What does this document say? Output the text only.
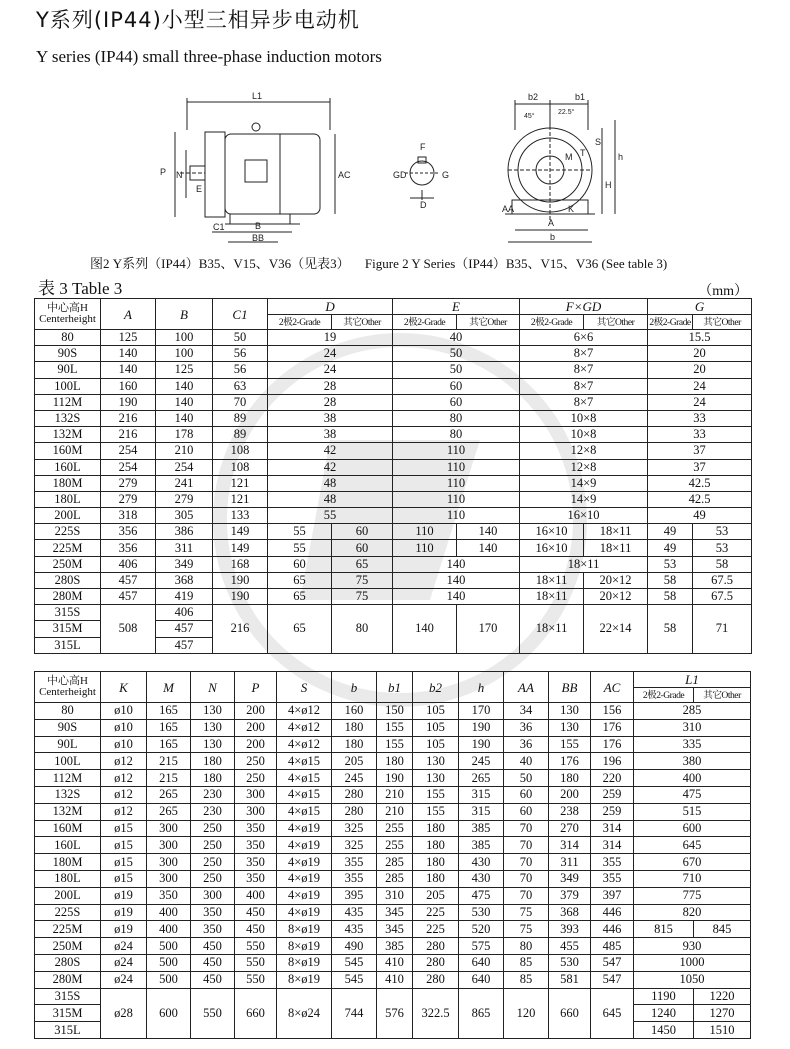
Y系列(IP44)小型三相异步电动机
Y series (IP44) small three-phase induction motors
L1
P N
E
C1	B
BB
AC
F
GD	G
D
b2	b1
45°
22.5°
S
M T	h
H
AA	K
A
b
图2 Y系列（IP44）B35、V15、V36（见表3） Figure 2 Y Series（IP44）B35、V15、V36 (See table 3)
表 3 Table 3	（mm）
中心高H
Centerheight	A	B	C1	D		E		F×GD		G	
				2极2-Grade	其它Other	2极2-Grade	其它Other	2极2-Grade	其它Other	2极2-Grade	其它Other
80	125	100	50	19		40		6×6		15.5	
90S	140	100	56	24		50		8×7		20	
90L	140	125	56	24		50		8×7		20	
100L	160	140	63	28		60		8×7		24	
112M	190	140	70	28		60		8×7		24	
132S	216	140	89	38		80		10×8		33	
132M	216	178	89	38		80		10×8		33	
160M	254	210	108	42		110		12×8		37	
160L	254	254	108	42		110		12×8		37	
180M	279	241	121	48		110		14×9		42.5	
180L	279	279	121	48		110		14×9		42.5	
200L	318	305	133	55		110		16×10		49	
225S	356	386	149	55	60	110	140	16×10	18×11	49	53
225M	356	311	149	55	60	110	140	16×10	18×11	49	53
250M	406	349	168	60	65	140		18×11		53	58
280S	457	368	190	65	75	140		18×11	20×12	58	67.5
280M	457	419	190	65	75	140		18×11	20×12	58	67.5
315S	508	406	216	65	80	140	170	18×11	22×14	58	71
315M		457									
315L		457									
中心高H
Centerheight	K	M	N	P	S	b	b1	b2	h	AA	BB	AC	L1	
													2极2-Grade	其它Other
80	ø10	165	130	200	4×ø12	160	150	105	170	34	130	156	285	
90S	ø10	165	130	200	4×ø12	180	155	105	190	36	130	176	310	
90L	ø10	165	130	200	4×ø12	180	155	105	190	36	155	176	335	
100L	ø12	215	180	250	4×ø15	205	180	130	245	40	176	196	380	
112M	ø12	215	180	250	4×ø15	245	190	130	265	50	180	220	400	
132S	ø12	265	230	300	4×ø15	280	210	155	315	60	200	259	475	
132M	ø12	265	230	300	4×ø15	280	210	155	315	60	238	259	515	
160M	ø15	300	250	350	4×ø19	325	255	180	385	70	270	314	600	
160L	ø15	300	250	350	4×ø19	325	255	180	385	70	314	314	645	
180M	ø15	300	250	350	4×ø19	355	285	180	430	70	311	355	670	
180L	ø15	300	250	350	4×ø19	355	285	180	430	70	349	355	710	
200L	ø19	350	300	400	4×ø19	395	310	205	475	70	379	397	775	
225S	ø19	400	350	450	4×ø19	435	345	225	530	75	368	446	820	
225M	ø19	400	350	450	8×ø19	435	345	225	520	75	393	446	815	845
250M	ø24	500	450	550	8×ø19	490	385	280	575	80	455	485	930	
280S	ø24	500	450	550	8×ø19	545	410	280	640	85	530	547	1000	
280M	ø24	500	450	550	8×ø19	545	410	280	640	85	581	547	1050	
315S	ø28	600	550	660	8×ø24	744	576	322.5	865	120	660	645	1190	1220
315M													1240	1270
315L													1450	1510
